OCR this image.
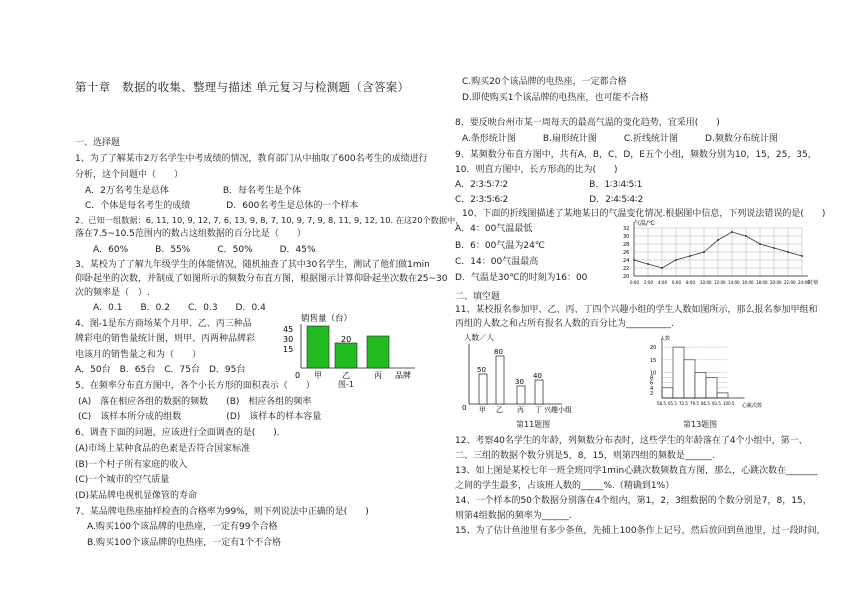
第十章　数据的收集、整理与描述 单元复习与检测题（含答案）
一、选择题
1、为了了解某市2万名学生中考成绩的情况，教育部门从中抽取了600名考生的成绩进行
分析，这个问题中（　　）
A．2万名考生是总体　　　　　　B．每名考生是个体
C．个体是每名考生的成绩　　　　D．600名考生是总体的一个样本
2、已知一组数据：6, 11, 10, 9, 12, 7, 6, 13, 9, 8, 7, 10, 9, 7, 9, 8, 11, 9, 12, 10. 在这20个数据中，
落在7.5~10.5范围内的数占这组数据的百分比是（　　）
A．60%　　　B．55%　　　C．50%　　　D．45%
3、某校为了了解九年级学生的体能情况，随机抽查了其中30名学生，测试了他们做1min
仰卧起坐的次数，并制成了如图所示的频数分布直方图，根据图示计算仰卧起坐次数在25~30
次的频率是（　）.
A．0.1　　B．0.2　　C．0.3　　D．0.4
4、图-1是东方商场某个月甲、乙、丙三种品
牌彩电的销售量统计图，则甲、丙两种品牌彩
电该月的销售量之和为（　　）
A．50台　B．65台　C．75台　D．95台
5、在频率分布直方图中，各个小长方形的面积表示（　　）
(A)　落在相应各组的数据的频数　　(B)　相应各组的频率
(C)　该样本所分成的组数　　　　　(D)　该样本的样本容量
6、调查下面的问题，应该进行全面调查的是(　　).
(A)市场上某种食品的色素是否符合国家标准
(B)一个村子所有家庭的收入
(C)一个城市的空气质量
(D)某品牌电视机显像管的寿命
7、某品牌电热座抽样检查的合格率为99%，则下列说法中正确的是(　　)
A.购买100个该品牌的电热座，一定有99个合格
B.购买100个该品牌的电热座，一定有1个不合格
销售量（台）
45
30
15
20
0 甲	乙	丙 品牌
图-1
C.购买20个该品牌的电热座，一定都合格
D.即使购买1个该品牌的电热座，也可能不合格
8、要反映台州市某一周每天的最高气温的变化趋势，宜采用(　　)
A.条形统计图　　　B.扇形统计图　　　C.折线统计图　　　D.频数分布统计图
9、某频数分布直方图中，共有A，B，C，D，E五个小组，频数分别为10，15，25，35，
10．则直方图中，长方形高的比为(　　)
A．2∶3∶5∶7∶2　　　　　　　　　B．1∶3∶4∶5∶1
C．2∶3∶5∶6∶2　　　　　　　　　D．2∶4∶5∶4∶2
10、下面的折线图描述了某地某日的气温变化情况.根据图中信息，下列说法错误的是(　　)
A．4：00气温最低
B．6：00气温为24℃
C．14：00气温最高
D．气温是30℃的时刻为16：00
二、填空题
11、某校报名参加甲、乙、丙、丁四个兴趣小组的学生人数如图所示，那么报名参加甲组和
丙组的人数之和占所有报名人数的百分比为__________.
12、考察40名学生的年龄，列频数分布表时，这些学生的年龄落在了4个小组中，第一、
二、三组的数据个数分别是5，8，15，则第四组的频数是______.
13、如上图是某校七年一班全班同学1min心跳次数频数直方图，那么，心跳次数在_______
之间的学生最多，占该班人数的_____%.（精确到1%）
14、一个样本的50个数据分别落在4个组内，第1，2，3组数据的个数分别是7，8，15，
则第4组数据的频率为______.
15、为了估计鱼池里有多少条鱼，先捕上100条作上记号，然后放回到鱼池里，过一段时间，
气温/℃
32
30
28
26
24
22
20
0:00 2:00 4:00 6:00 8:00 10:00 12:00 14:00 16:00 18:00 20:00 22:00 24:00
时刻
人数／人
50
80
30
40
0 甲 乙 丙 丁 兴趣小组
第11题图
人数
20
15
10
8
6
4
2
58.5 65.5 72.5 79.5 86.5 93.5 100.5 心跳次数
第13题图
